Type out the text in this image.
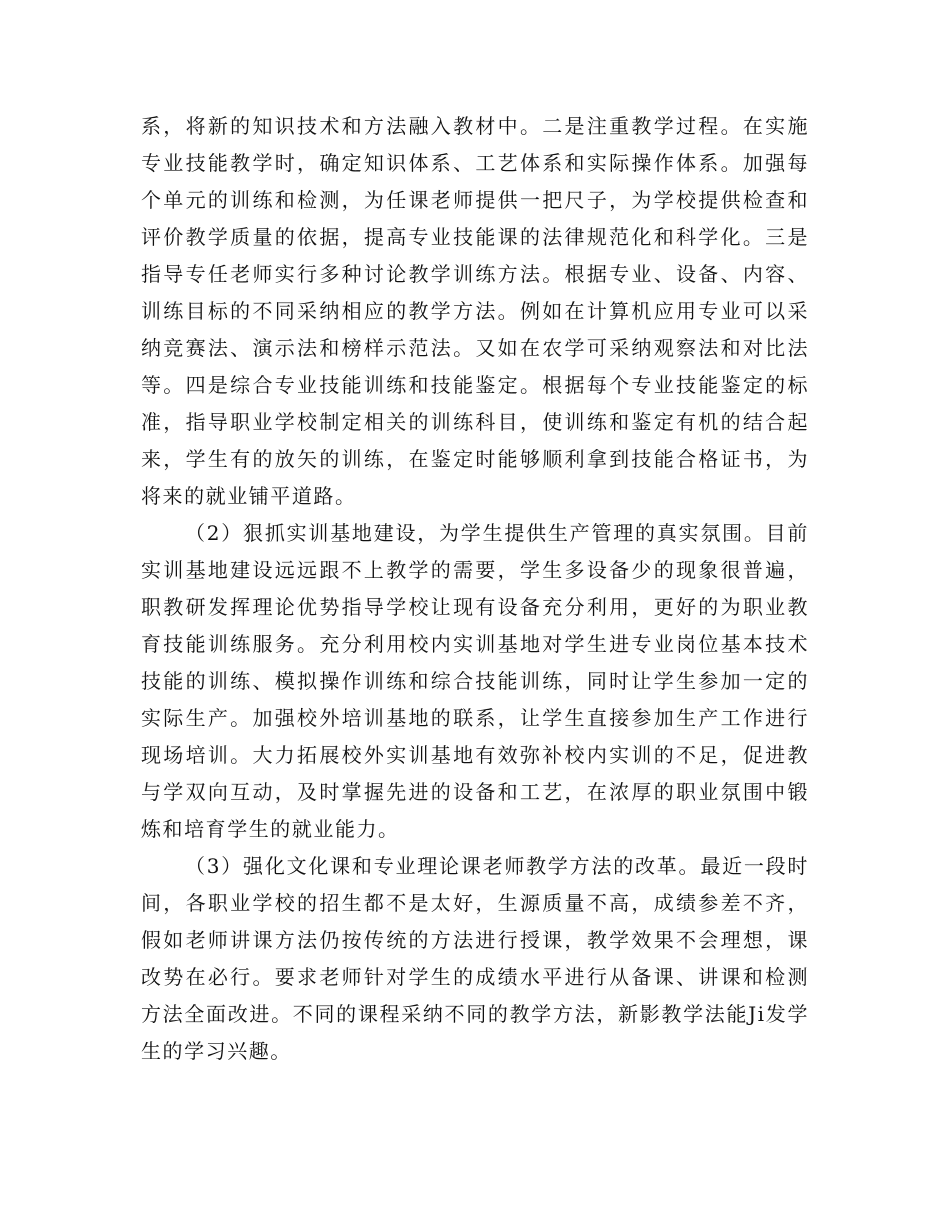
系，将新的知识技术和方法融入教材中。二是注重教学过程。在实施专业技能教学时，确定知识体系、工艺体系和实际操作体系。加强每个单元的训练和检测，为任课老师提供一把尺子，为学校提供检查和评价教学质量的依据，提高专业技能课的法律规范化和科学化。三是指导专任老师实行多种讨论教学训练方法。根据专业、设备、内容、训练目标的不同采纳相应的教学方法。例如在计算机应用专业可以采纳竞赛法、演示法和榜样示范法。又如在农学可采纳观察法和对比法等。四是综合专业技能训练和技能鉴定。根据每个专业技能鉴定的标准，指导职业学校制定相关的训练科目，使训练和鉴定有机的结合起来，学生有的放矢的训练，在鉴定时能够顺利拿到技能合格证书，为将来的就业铺平道路。

（2）狠抓实训基地建设，为学生提供生产管理的真实氛围。目前实训基地建设远远跟不上教学的需要，学生多设备少的现象很普遍，职教研发挥理论优势指导学校让现有设备充分利用，更好的为职业教育技能训练服务。充分利用校内实训基地对学生进专业岗位基本技术技能的训练、模拟操作训练和综合技能训练，同时让学生参加一定的实际生产。加强校外培训基地的联系，让学生直接参加生产工作进行现场培训。大力拓展校外实训基地有效弥补校内实训的不足，促进教与学双向互动，及时掌握先进的设备和工艺，在浓厚的职业氛围中锻炼和培育学生的就业能力。

（3）强化文化课和专业理论课老师教学方法的改革。最近一段时间，各职业学校的招生都不是太好，生源质量不高，成绩参差不齐，假如老师讲课方法仍按传统的方法进行授课，教学效果不会理想，课改势在必行。要求老师针对学生的成绩水平进行从备课、讲课和检测方法全面改进。不同的课程采纳不同的教学方法，新影教学法能Ji发学生的学习兴趣。
